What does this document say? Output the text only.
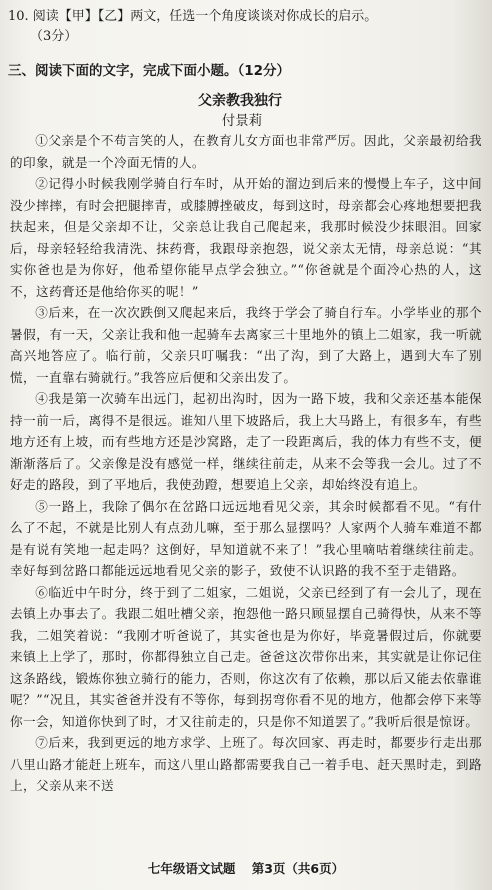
10. 阅读【甲】【乙】两文，任选一个角度谈谈对你成长的启示。
（3分）
三、阅读下面的文字，完成下面小题。（12分）
父亲教我独行
付景莉

①父亲是个不苟言笑的人，在教育儿女方面也非常严厉。因此，父亲最初给我的印象，就是一个冷面无情的人。

②记得小时候我刚学骑自行车时，从开始的溜边到后来的慢慢上车子，这中间没少摔摔，有时会把腿摔青，或膝膊挫破皮，每到这时，母亲都会心疼地想要把我扶起来，但是父亲却不让，父亲总让我自己爬起来，我那时候没少抹眼泪。回家后，母亲轻轻给我清洗、抹药膏，我跟母亲抱怨，说父亲太无情，母亲总说：“其实你爸也是为你好，他希望你能早点学会独立。”“你爸就是个面冷心热的人，这不，这药膏还是他给你买的呢！”

③后来，在一次次跌倒又爬起来后，我终于学会了骑自行车。小学毕业的那个暑假，有一天，父亲让我和他一起骑车去离家三十里地外的镇上二姐家，我一听就高兴地答应了。临行前，父亲只叮嘱我：“出了沟，到了大路上，遇到大车了别慌，一直靠右骑就行。”我答应后便和父亲出发了。

④我是第一次骑车出远门，起初出沟时，因为一路下坡，我和父亲还基本能保持一前一后，离得不是很远。谁知八里下坡路后，我上大马路上，有很多车，有些地方还有上坡，而有些地方还是沙窝路，走了一段距离后，我的体力有些不支，便渐渐落后了。父亲像是没有感觉一样，继续往前走，从来不会等我一会儿。过了不好走的路段，到了平地后，我使劲蹬，想要追上父亲，却始终没有追上。

⑤一路上，我除了偶尔在岔路口远远地看见父亲，其余时候都看不见。“有什么了不起，不就是比别人有点劲儿嘛，至于那么显摆吗？人家两个人骑车难道不都是有说有笑地一起走吗？这倒好，早知道就不来了！”我心里嘀咕着继续往前走。幸好每到岔路口都能远远地看见父亲的影子，致使不认识路的我不至于走错路。

⑥临近中午时分，终于到了二姐家，二姐说，父亲已经到了有一会儿了，现在去镇上办事去了。我跟二姐吐槽父亲，抱怨他一路只顾显摆自己骑得快，从来不等我，二姐笑着说：“我刚才听爸说了，其实爸也是为你好，毕竟暑假过后，你就要来镇上上学了，那时，你都得独立自己走。爸爸这次带你出来，其实就是让你记住这条路线，锻炼你独立骑行的能力，否则，你这次有了依赖，那以后又能去依靠谁呢？”“况且，其实爸爸并没有不等你，每到拐弯你看不见的地方，他都会停下来等你一会，知道你快到了时，才又往前走的，只是你不知道罢了。”我听后很是惊讶。

⑦后来，我到更远的地方求学、上班了。每次回家、再走时，都要步行走出那八里山路才能赶上班车，而这八里山路都需要我自己一着手电、赶天黑时走，到路上，父亲从来不送

七年级语文试题 第3页（共6页）
